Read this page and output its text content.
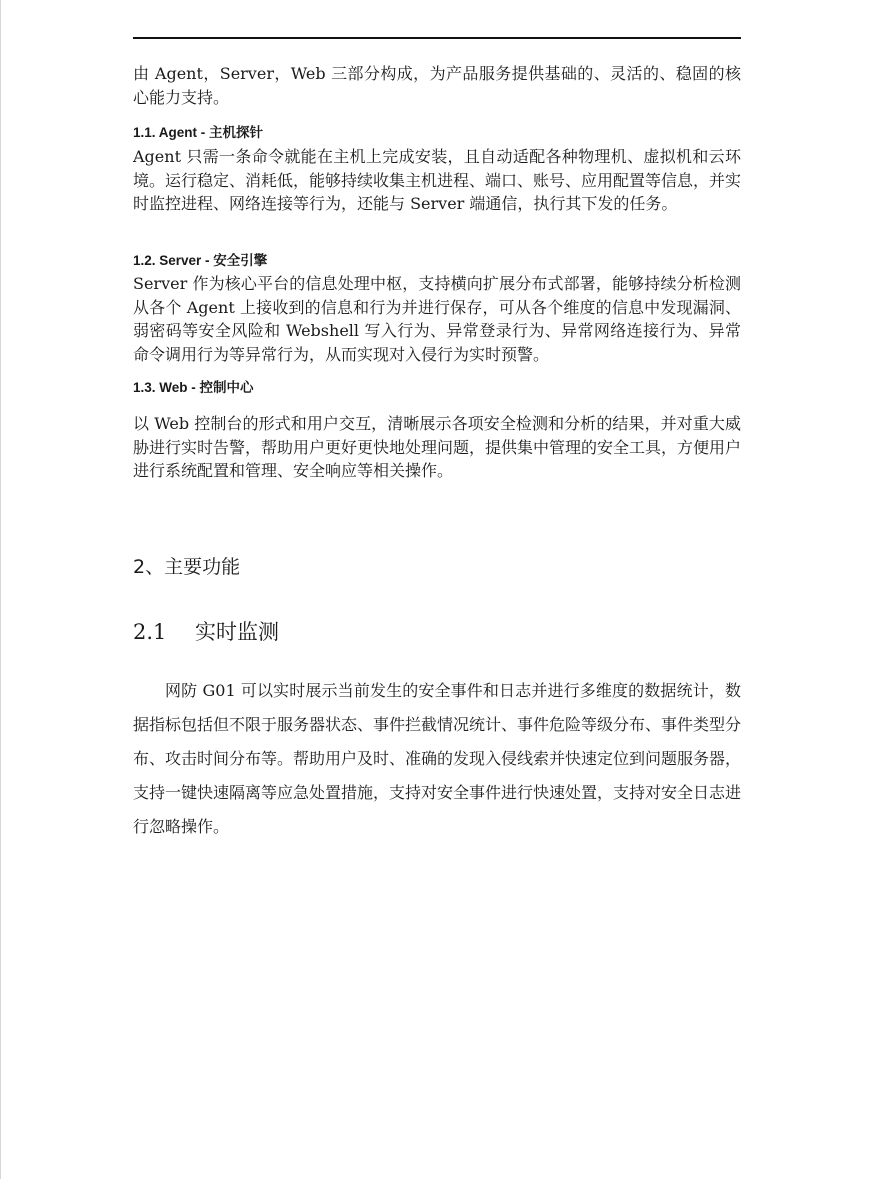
由 Agent，Server，Web 三部分构成，为产品服务提供基础的、灵活的、稳固的核心能力支持。

1.1. Agent - 主机探针

Agent 只需一条命令就能在主机上完成安装，且自动适配各种物理机、虚拟机和云环境。运行稳定、消耗低，能够持续收集主机进程、端口、账号、应用配置等信息，并实时监控进程、网络连接等行为，还能与 Server 端通信，执行其下发的任务。

1.2. Server - 安全引擎

Server 作为核心平台的信息处理中枢，支持横向扩展分布式部署，能够持续分析检测从各个 Agent 上接收到的信息和行为并进行保存，可从各个维度的信息中发现漏洞、弱密码等安全风险和 Webshell 写入行为、异常登录行为、异常网络连接行为、异常命令调用行为等异常行为，从而实现对入侵行为实时预警。

1.3. Web - 控制中心

以 Web 控制台的形式和用户交互，清晰展示各项安全检测和分析的结果，并对重大威胁进行实时告警，帮助用户更好更快地处理问题，提供集中管理的安全工具，方便用户进行系统配置和管理、安全响应等相关操作。

2、主要功能

2.1 实时监测

网防 G01 可以实时展示当前发生的安全事件和日志并进行多维度的数据统计，数据指标包括但不限于服务器状态、事件拦截情况统计、事件危险等级分布、事件类型分布、攻击时间分布等。帮助用户及时、准确的发现入侵线索并快速定位到问题服务器，支持一键快速隔离等应急处置措施，支持对安全事件进行快速处置，支持对安全日志进行忽略操作。
